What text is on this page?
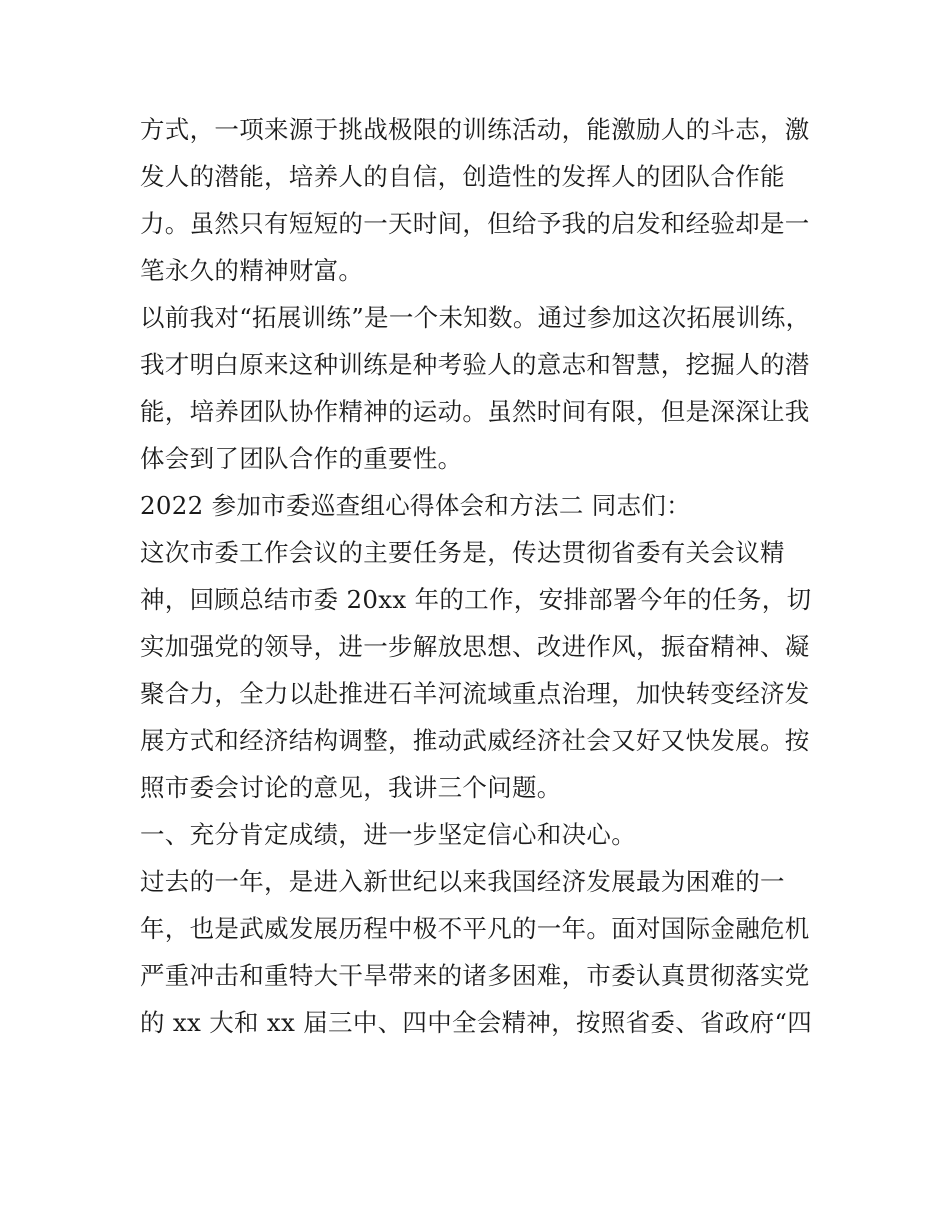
方式，一项来源于挑战极限的训练活动，能激励人的斗志，激
发人的潜能，培养人的自信，创造性的发挥人的团队合作能
力。虽然只有短短的一天时间，但给予我的启发和经验却是一
笔永久的精神财富。
以前我对“拓展训练”是一个未知数。通过参加这次拓展训练，
我才明白原来这种训练是种考验人的意志和智慧，挖掘人的潜
能，培养团队协作精神的运动。虽然时间有限，但是深深让我
体会到了团队合作的重要性。
2022 参加市委巡查组心得体会和方法二 同志们：
这次市委工作会议的主要任务是，传达贯彻省委有关会议精
神，回顾总结市委 20xx 年的工作，安排部署今年的任务，切
实加强党的领导，进一步解放思想、改进作风，振奋精神、凝
聚合力，全力以赴推进石羊河流域重点治理，加快转变经济发
展方式和经济结构调整，推动武威经济社会又好又快发展。按
照市委会讨论的意见，我讲三个问题。
一、充分肯定成绩，进一步坚定信心和决心。
过去的一年，是进入新世纪以来我国经济发展最为困难的一
年，也是武威发展历程中极不平凡的一年。面对国际金融危机
严重冲击和重特大干旱带来的诸多困难，市委认真贯彻落实党
的 xx 大和 xx 届三中、四中全会精神，按照省委、省政府“四
